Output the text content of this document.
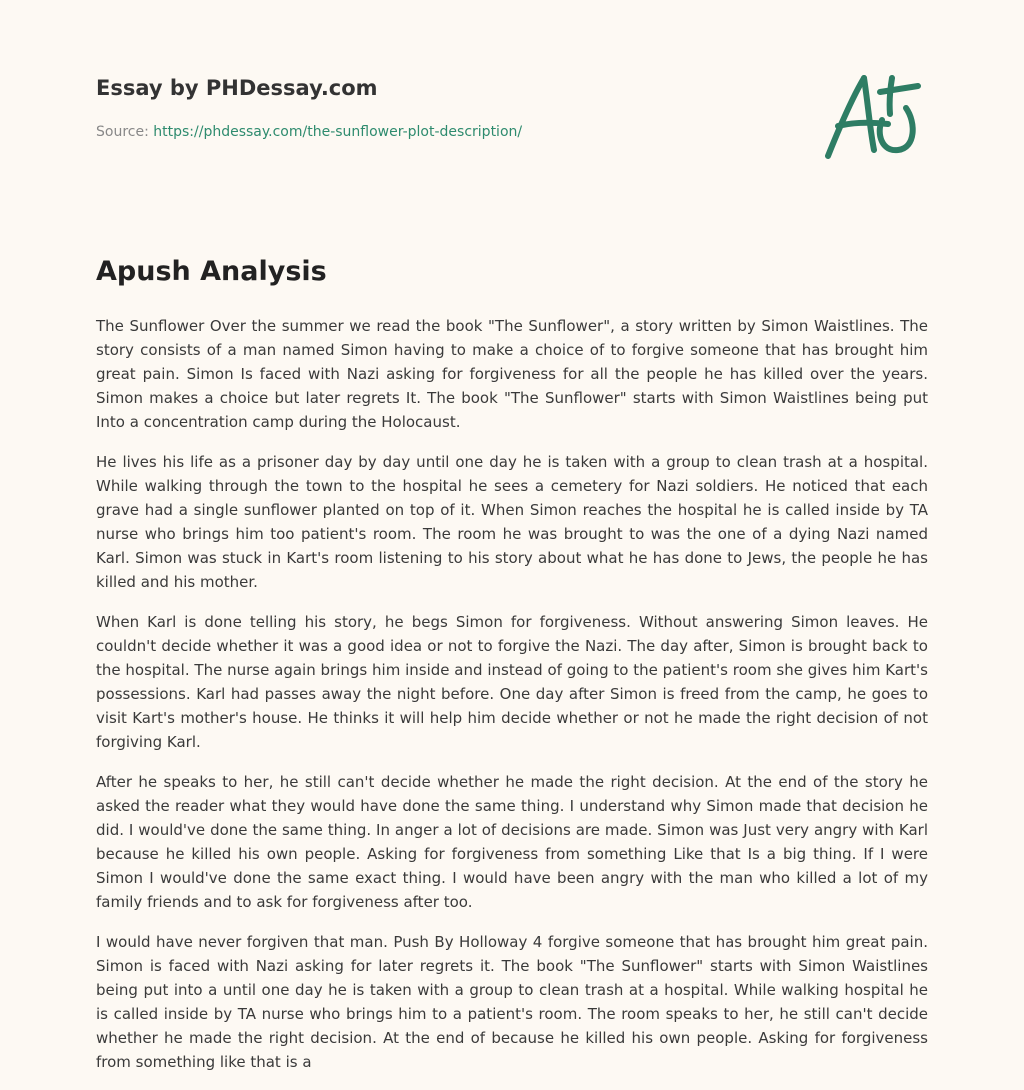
Essay by PHDessay.com
Source: https://phdessay.com/the-sunflower-plot-description/
Apush Analysis

The Sunflower Over the summer we read the book "The Sunflower", a story written by Simon Waistlines. The story consists of a man named Simon having to make a choice of to forgive someone that has brought him great pain. Simon Is faced with Nazi asking for forgiveness for all the people he has killed over the years. Simon makes a choice but later regrets It. The book "The Sunflower" starts with Simon Waistlines being put Into a concentration camp during the Holocaust.

He lives his life as a prisoner day by day until one day he is taken with a group to clean trash at a hospital. While walking through the town to the hospital he sees a cemetery for Nazi soldiers. He noticed that each grave had a single sunflower planted on top of it. When Simon reaches the hospital he is called inside by TA nurse who brings him too patient's room. The room he was brought to was the one of a dying Nazi named Karl. Simon was stuck in Kart's room listening to his story about what he has done to Jews, the people he has killed and his mother.

When Karl is done telling his story, he begs Simon for forgiveness. Without answering Simon leaves. He couldn't decide whether it was a good idea or not to forgive the Nazi. The day after, Simon is brought back to the hospital. The nurse again brings him inside and instead of going to the patient's room she gives him Kart's possessions. Karl had passes away the night before. One day after Simon is freed from the camp, he goes to visit Kart's mother's house. He thinks it will help him decide whether or not he made the right decision of not forgiving Karl.

After he speaks to her, he still can't decide whether he made the right decision. At the end of the story he asked the reader what they would have done the same thing. I understand why Simon made that decision he did. I would've done the same thing. In anger a lot of decisions are made. Simon was Just very angry with Karl because he killed his own people. Asking for forgiveness from something Like that Is a big thing. If I were Simon I would've done the same exact thing. I would have been angry with the man who killed a lot of my family friends and to ask for forgiveness after too.

I would have never forgiven that man. Push By Holloway 4 forgive someone that has brought him great pain. Simon is faced with Nazi asking for later regrets it. The book "The Sunflower" starts with Simon Waistlines being put into a until one day he is taken with a group to clean trash at a hospital. While walking hospital he is called inside by TA nurse who brings him to a patient's room. The room speaks to her, he still can't decide whether he made the right decision. At the end of because he killed his own people. Asking for forgiveness from something like that is a
